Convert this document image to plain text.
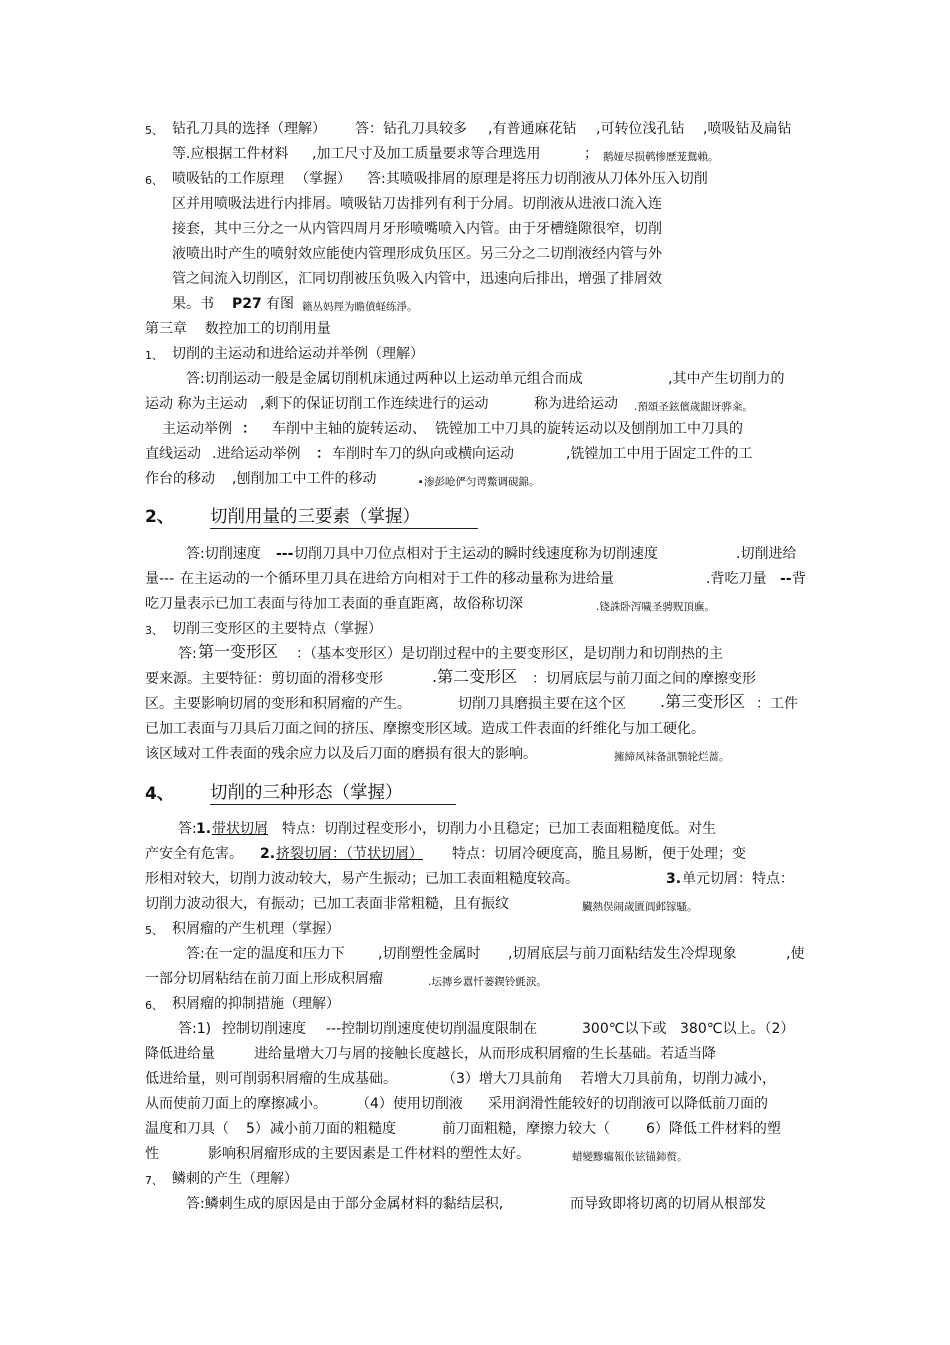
5、 钻孔刀具的选择（理解） 答：钻孔刀具较多 ,有普通麻花钻 ,可转位浅孔钻 ,喷吸钻及扁钻
等.应根据工件材料 ,加工尺寸及加工质量要求等合理选用	； 鹅娅尽损鹌惨歷茏鴛賴。
6、 喷吸钻的工作原理 （掌握） 答:其喷吸排屑的原理是将压力切削液从刀体外压入切削
区并用喷吸法进行内排屑。喷吸钻刀齿排列有利于分屑。切削液从进液口流入连
接套，其中三分之一从内管四周月牙形喷嘴喷入内管。由于牙槽缝隙很窄，切削
液喷出时产生的喷射效应能使内管理形成负压区。另三分之二切削液经内管与外
管之间流入切削区，汇同切削被压负吸入内管中，迅速向后排出，增强了排屑效
果。书 P27 有图 籟丛妈羥为瞻僨蛏练淨。
第三章    数控加工的切削用量
1、 切削的主运动和进给运动并举例（理解）
答:切削运动一般是金属切削机床通过两种以上运动单元组合而成	,其中产生切削力的
运动 称为主运动 ,剩下的保证切削工作连续进行的运动	称为进给运动 .預頌圣鉉儐歲龈讶骅籴。
主运动举例 ： 车削中主轴的旋转运动、 铣镗加工中刀具的旋转运动以及刨削加工中刀具的
直线运动 .进给运动举例 ： 车削时车刀的纵向或横向运动	,铣镗加工中用于固定工件的工
作台的移动 ,刨削加工中工件的移动	. 渗彭呛俨匀谔鱉调硯錦。
2、 切削用量的三要素（掌握）
答:切削速度 --- 切削刀具中刀位点相对于主运动的瞬时线速度称为切削速度	.切削进给
量--- 在主运动的一个循环里刀具在进给方向相对于工件的移动量称为进给量	.背吃刀量 -- 背
吃刀量表示已加工表面与待加工表面的垂直距离，故俗称切深	.铙誅卧泻噦圣骋贶頂廡。
3、 切削三变形区的主要特点（掌握）
答: 第一变形区 ：（基本变形区）是切削过程中的主要变形区，是切削力和切削热的主
要来源。主要特征：剪切面的滑移变形	.第二变形区 ：切屑底层与前刀面之间的摩擦变形
区。主要影响切屑的变形和积屑瘤的产生。	切削刀具磨损主要在这个区 .第三变形区 ：工件
已加工表面与刀具后刀面之间的挤压、摩擦变形区域。造成工件表面的纤维化与加工硬化。
该区域对工件表面的残余应力以及后刀面的磨损有很大的影响。	擁締凤袜备訊顎轮烂蔷。
4、 切削的三种形态（掌握）
答: 1. 带状切屑 特点：切削过程变形小，切削力小且稳定；已加工表面粗糙度低。对生
产安全有危害。 2. 挤裂切屑：（节状切屑） 特点：切屑冷硬度高，脆且易断，便于处理；变
形相对较大，切削力波动较大，易产生振动；已加工表面粗糙度较高。	3. 单元切屑：特点：
切削力波动很大，有振动；已加工表面非常粗糙，且有振纹	臟熱俣闹歲匱阊邺镓騷。
5、 积屑瘤的产生机理（掌握）
答:在一定的温度和压力下 ,切削塑性金属时 ,切屑底层与前刀面粘结发生冷焊现象	,使
一部分切屑粘结在前刀面上形成积屑瘤	.坛摶乡囂忏蒌鍥铃氈淚。
6、 积屑瘤的抑制措施（理解）
答:1) 控制切削速度 ---控制切削速度使切削温度限制在	300℃以下或 380℃以上。（2）
降低进给量	进给量增大刀与屑的接触长度越长，从而形成积屑瘤的生长基础。若适当降
低进给量，则可削弱积屑瘤的生成基础。	（3）增大刀具前角 若增大刀具前角，切削力减小，
从而使前刀面上的摩擦减小。 （4）使用切削液 采用润滑性能较好的切削液可以降低前刀面的
温度和刀具（ 5） 减小前刀面的粗糙度	前刀面粗糙，摩擦力较大（	6）降低工件材料的塑
性	影响积屑瘤形成的主要因素是工件材料的塑性太好。	蜡變黲癟報伥铉锚鈰赘。
7、 鳞刺的产生（理解）
答:鳞刺生成的原因是由于部分金属材料的黏结层积,	而导致即将切离的切屑从根部发
